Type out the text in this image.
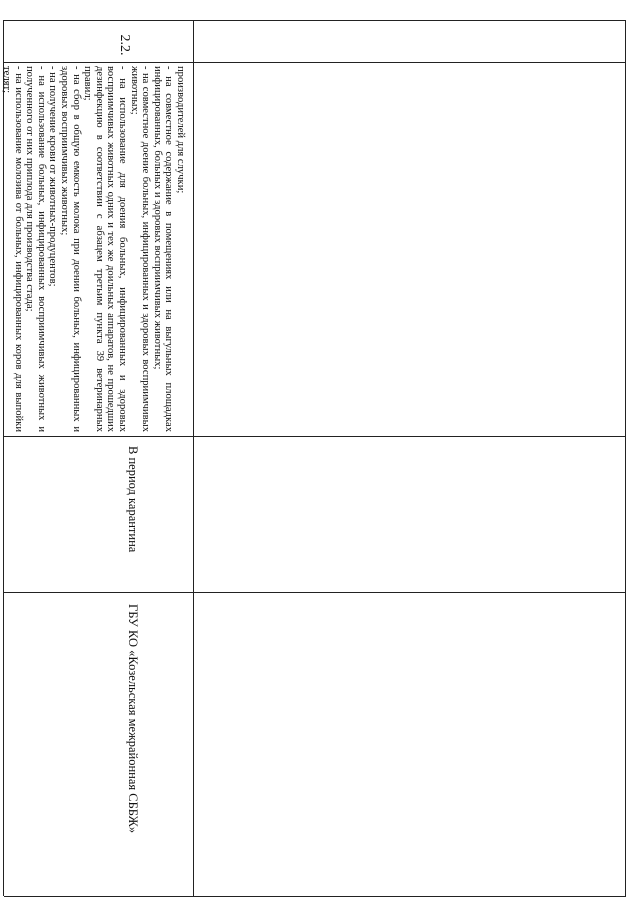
2.2.

производителей для случки;

- на совместное содержание в помещениях или на выгульных площадках инфицированных, больных и здоровых восприимчивых животных;

- на совместное доение больных, инфицированных и здоровых восприимчивых животных;

- на использование для доения больных, инфицированных и здоровых восприимчивых животных одних и тех же доильных аппаратов, не прошедших дезинфекцию в соответствии с абзацем третьим пункта 39 ветеринарных правил;

- на сбор в общую емкость молока при доении больных, инфицированных и здоровых восприимчивых животных;

- на получение крови от животных-продуцентов;

- на использование больных, инфицированных восприимчивых животных и полученного от них приплода для производства стада;

- на использование молозива от больных, инфицированных коров для выпойки телят;

В период карантина
ГБУ КО «Козельская межрайонная СББЖ»
